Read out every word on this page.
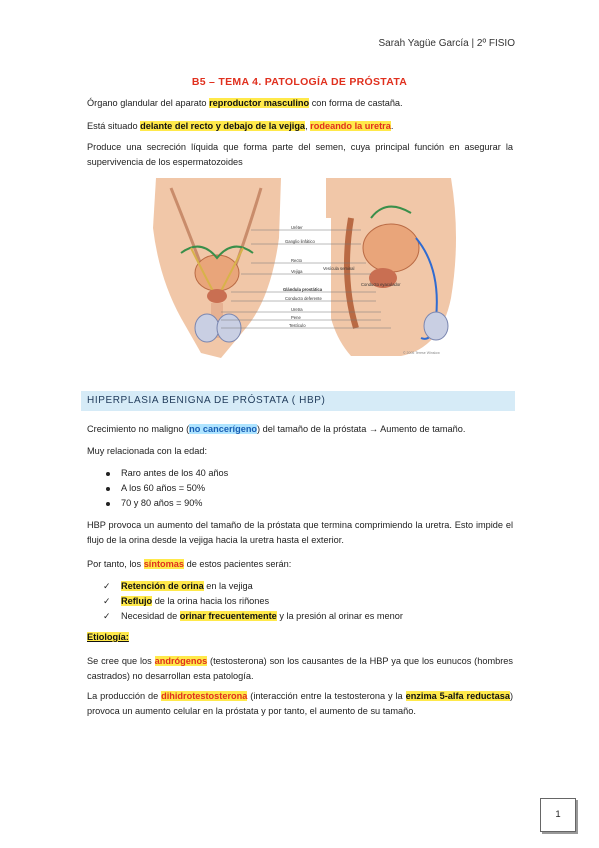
Sarah Yagüe García | 2º FISIO
B5 – TEMA 4. PATOLOGÍA DE PRÓSTATA

Órgano glandular del aparato reproductor masculino con forma de castaña.

Está situado delante del recto y debajo de la vejiga, rodeando la uretra.

Produce una secreción líquida que forma parte del semen, cuya principal función en asegurar la supervivencia de los espermatozoides

Uréter
Ganglio linfático
Recto
Vejiga
Glándula prostática
Conducto deferente
Uretra
Pene
Testículo
Vesícula seminal
Conducto eyaculador
© 2005 Terese Winslow
HIPERPLASIA BENIGNA DE PRÓSTATA ( HBP)

Crecimiento no maligno (no cancerígeno) del tamaño de la próstata → Aumento de tamaño.

Muy relacionada con la edad:

Raro antes de los 40 años
A los 60 años = 50%
70 y 80 años = 90%

HBP provoca un aumento del tamaño de la próstata que termina comprimiendo la uretra. Esto impide el flujo de la orina desde la vejiga hacia la uretra hasta el exterior.

Por tanto, los síntomas de estos pacientes serán:

✓ Retención de orina en la vejiga
✓ Reflujo de la orina hacia los riñones
✓ Necesidad de orinar frecuentemente y la presión al orinar es menor

Etiología:

Se cree que los andrógenos (testosterona) son los causantes de la HBP ya que los eunucos (hombres castrados) no desarrollan esta patología.

La producción de dihidrotestosterona (interacción entre la testosterona y la enzima 5-alfa reductasa) provoca un aumento celular en la próstata y por tanto, el aumento de su tamaño.

1
